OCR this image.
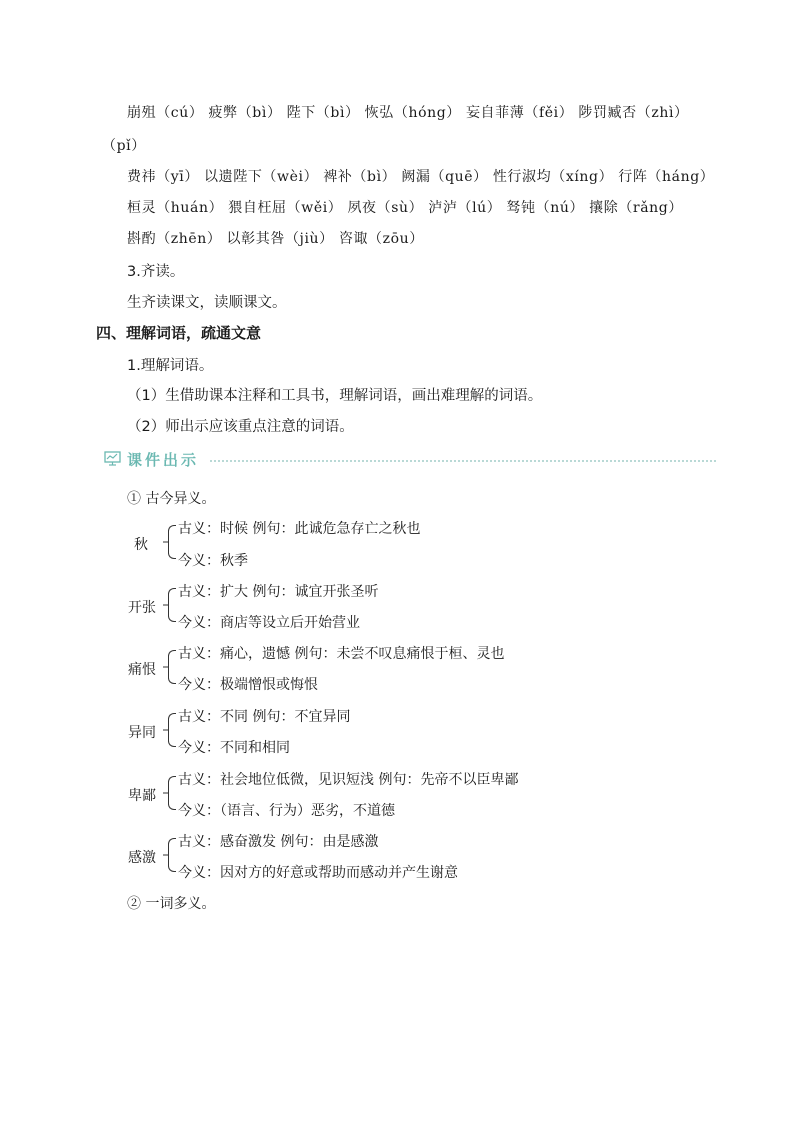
崩殂（cú） 疲弊（bì） 陛下（bì） 恢弘（hóng） 妄自菲薄（fěi） 陟罚臧否（zhì）
（pǐ）
费祎（yī） 以遗陛下（wèi） 裨补（bì） 阙漏（quē） 性行淑均（xíng） 行阵（háng）
桓灵（huán） 猥自枉屈（wěi） 夙夜（sù） 泸泸（lú） 驽钝（nú） 攘除（rǎng）
斟酌（zhēn） 以彰其咎（jiù） 咨诹（zōu）
3.齐读。
生齐读课文，读顺课文。
四、理解词语，疏通文意
1.理解词语。
（1）生借助课本注释和工具书，理解词语，画出难理解的词语。
（2）师出示应该重点注意的词语。
课件出示
① 古今异义。
秋
古义：时候 例句：此诚危急存亡之秋也
今义：秋季
开张
古义：扩大 例句：诚宜开张圣听
今义：商店等设立后开始营业
痛恨
古义：痛心，遗憾 例句：未尝不叹息痛恨于桓、灵也
今义：极端憎恨或悔恨
异同
古义：不同 例句：不宜异同
今义：不同和相同
卑鄙
古义：社会地位低微，见识短浅 例句：先帝不以臣卑鄙
今义：（语言、行为）恶劣，不道德
感激
古义：感奋激发 例句：由是感激
今义：因对方的好意或帮助而感动并产生谢意
② 一词多义。
